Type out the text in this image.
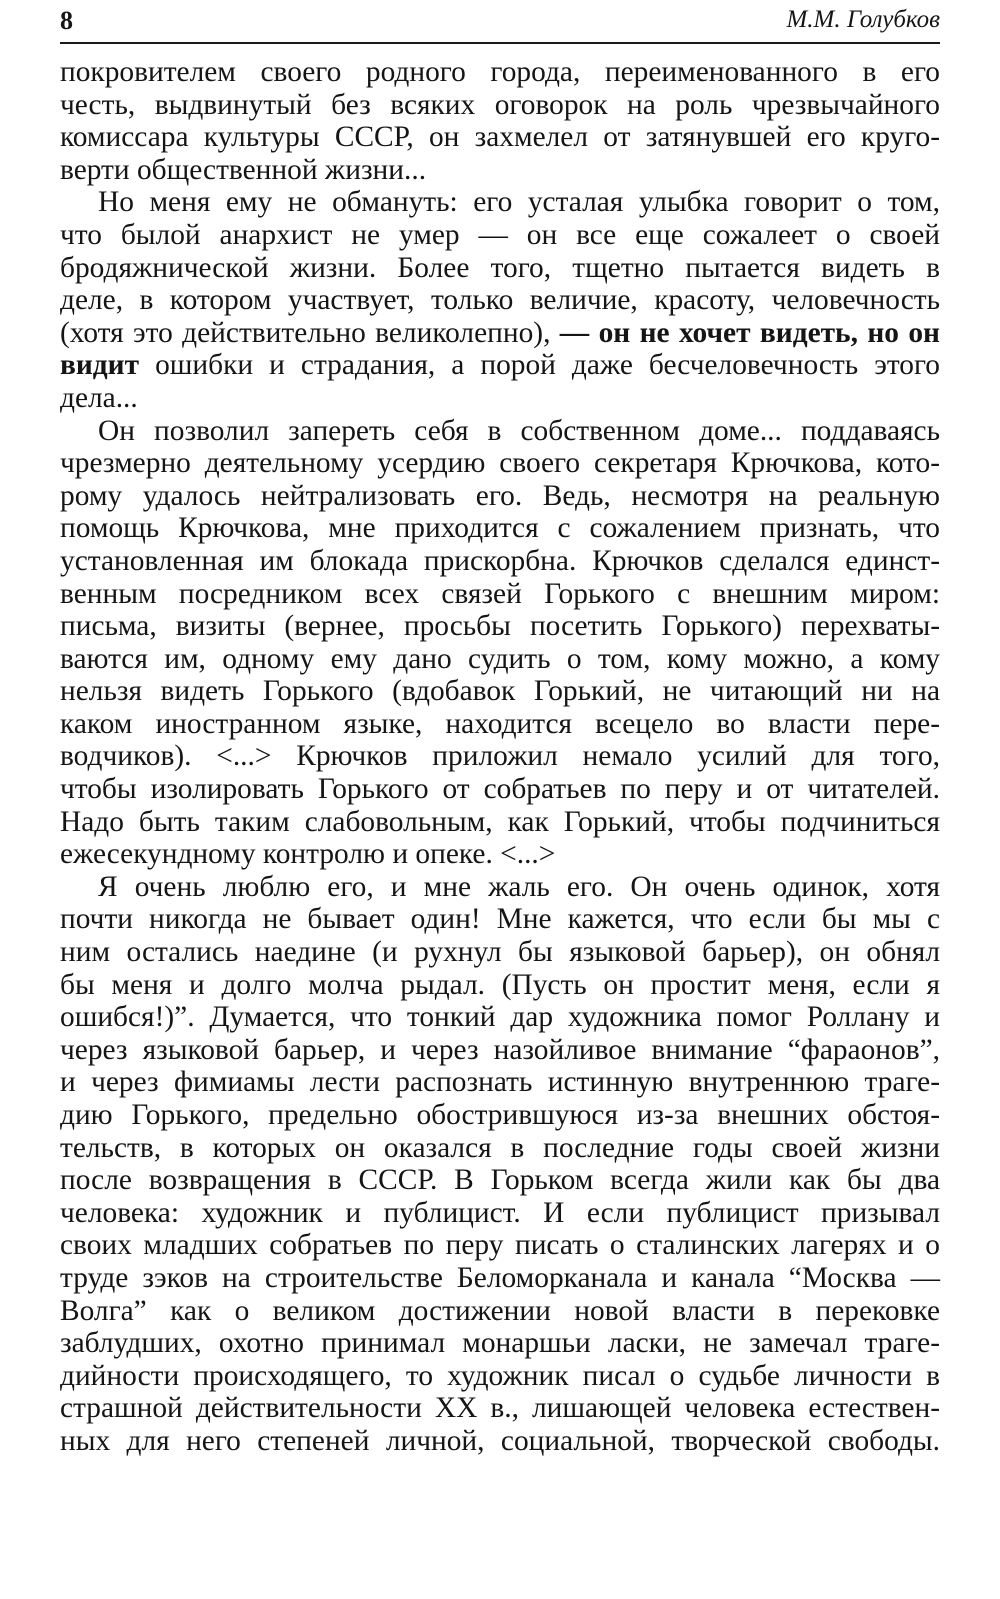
8	М.М. Голубков
покровителем своего родного города, переименованного в его
честь, выдвинутый без всяких оговорок на роль чрезвычайного
комиссара культуры СССР, он захмелел от затянувшей его круго-
верти общественной жизни...
Но меня ему не обмануть: его усталая улыбка говорит о том,
что былой анархист не умер — он все еще сожалеет о своей
бродяжнической жизни. Более того, тщетно пытается видеть в
деле, в котором участвует, только величие, красоту, человечность
(хотя это действительно великолепно), — он не хочет видеть, но он
видит ошибки и страдания, а порой даже бесчеловечность этого
дела...
Он позволил запереть себя в собственном доме... поддаваясь
чрезмерно деятельному усердию своего секретаря Крючкова, кото-
рому удалось нейтрализовать его. Ведь, несмотря на реальную
помощь Крючкова, мне приходится с сожалением признать, что
установленная им блокада прискорбна. Крючков сделался единст-
венным посредником всех связей Горького с внешним миром:
письма, визиты (вернее, просьбы посетить Горького) перехваты-
ваются им, одному ему дано судить о том, кому можно, а кому
нельзя видеть Горького (вдобавок Горький, не читающий ни на
каком иностранном языке, находится всецело во власти пере-
водчиков). <...> Крючков приложил немало усилий для того,
чтобы изолировать Горького от собратьев по перу и от читателей.
Надо быть таким слабовольным, как Горький, чтобы подчиниться
ежесекундному контролю и опеке. <...>
Я очень люблю его, и мне жаль его. Он очень одинок, хотя
почти никогда не бывает один! Мне кажется, что если бы мы с
ним остались наедине (и рухнул бы языковой барьер), он обнял
бы меня и долго молча рыдал. (Пусть он простит меня, если я
ошибся!)”. Думается, что тонкий дар художника помог Роллану и
через языковой барьер, и через назойливое внимание “фараонов”,
и через фимиамы лести распознать истинную внутреннюю траге-
дию Горького, предельно обострившуюся из-за внешних обстоя-
тельств, в которых он оказался в последние годы своей жизни
после возвращения в СССР. В Горьком всегда жили как бы два
человека: художник и публицист. И если публицист призывал
своих младших собратьев по перу писать о сталинских лагерях и о
труде зэков на строительстве Беломорканала и канала “Москва —
Волга” как о великом достижении новой власти в перековке
заблудших, охотно принимал монаршьи ласки, не замечал траге-
дийности происходящего, то художник писал о судьбе личности в
страшной действительности XX в., лишающей человека естествен-
ных для него степеней личной, социальной, творческой свободы.
